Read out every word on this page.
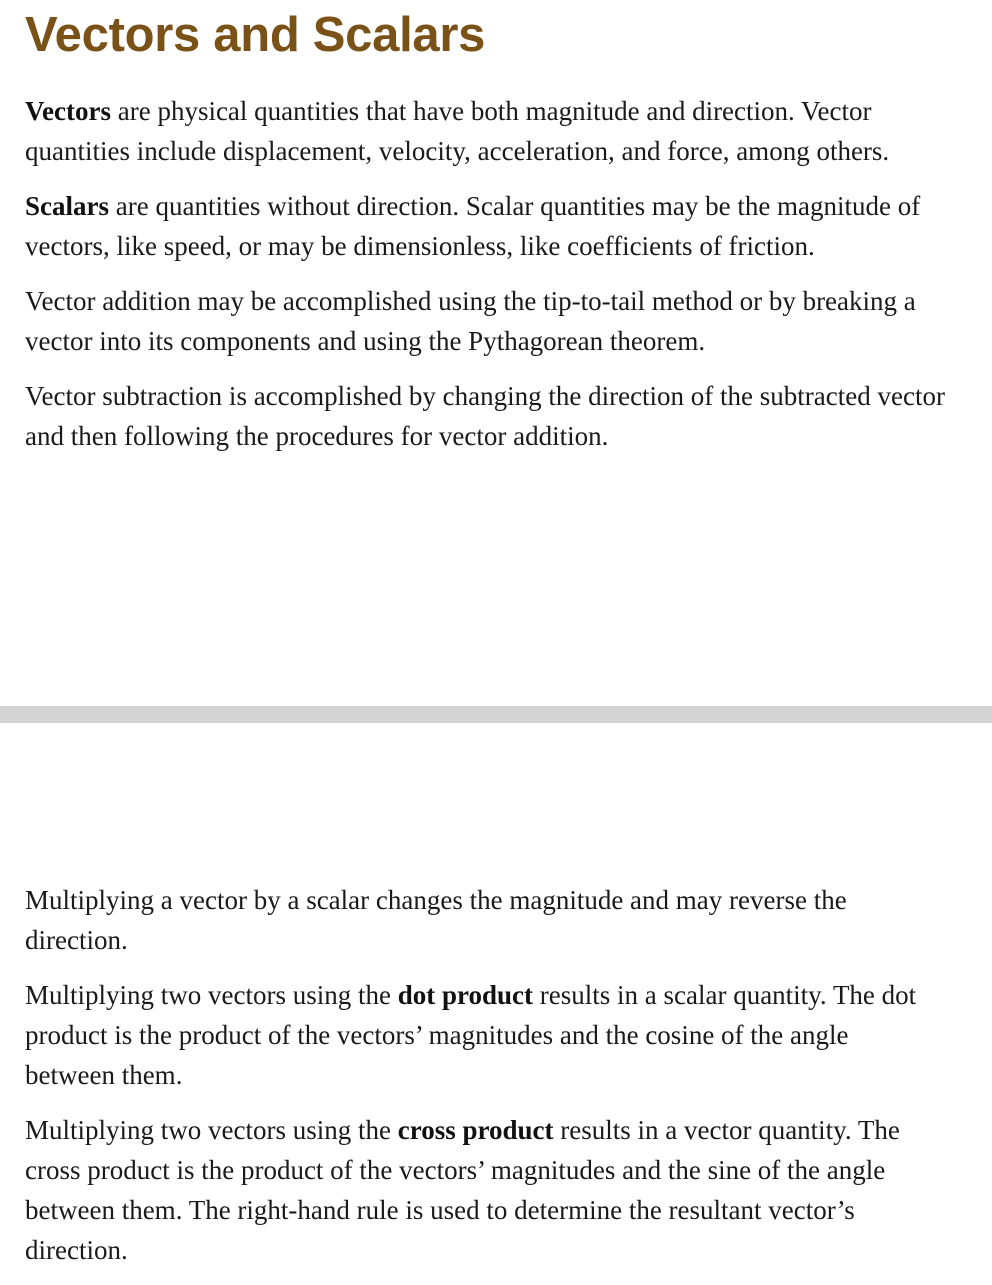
Vectors and Scalars

Vectors are physical quantities that have both magnitude and direction. Vector quantities include displacement, velocity, acceleration, and force, among others.

Scalars are quantities without direction. Scalar quantities may be the magnitude of vectors, like speed, or may be dimensionless, like coefficients of friction.

Vector addition may be accomplished using the tip-to-tail method or by breaking a vector into its components and using the Pythagorean theorem.

Vector subtraction is accomplished by changing the direction of the subtracted vector and then following the procedures for vector addition.

Multiplying a vector by a scalar changes the magnitude and may reverse the direction.

Multiplying two vectors using the dot product results in a scalar quantity. The dot product is the product of the vectors’ magnitudes and the cosine of the angle between them.

Multiplying two vectors using the cross product results in a vector quantity. The cross product is the product of the vectors’ magnitudes and the sine of the angle between them. The right-hand rule is used to determine the resultant vector’s direction.
